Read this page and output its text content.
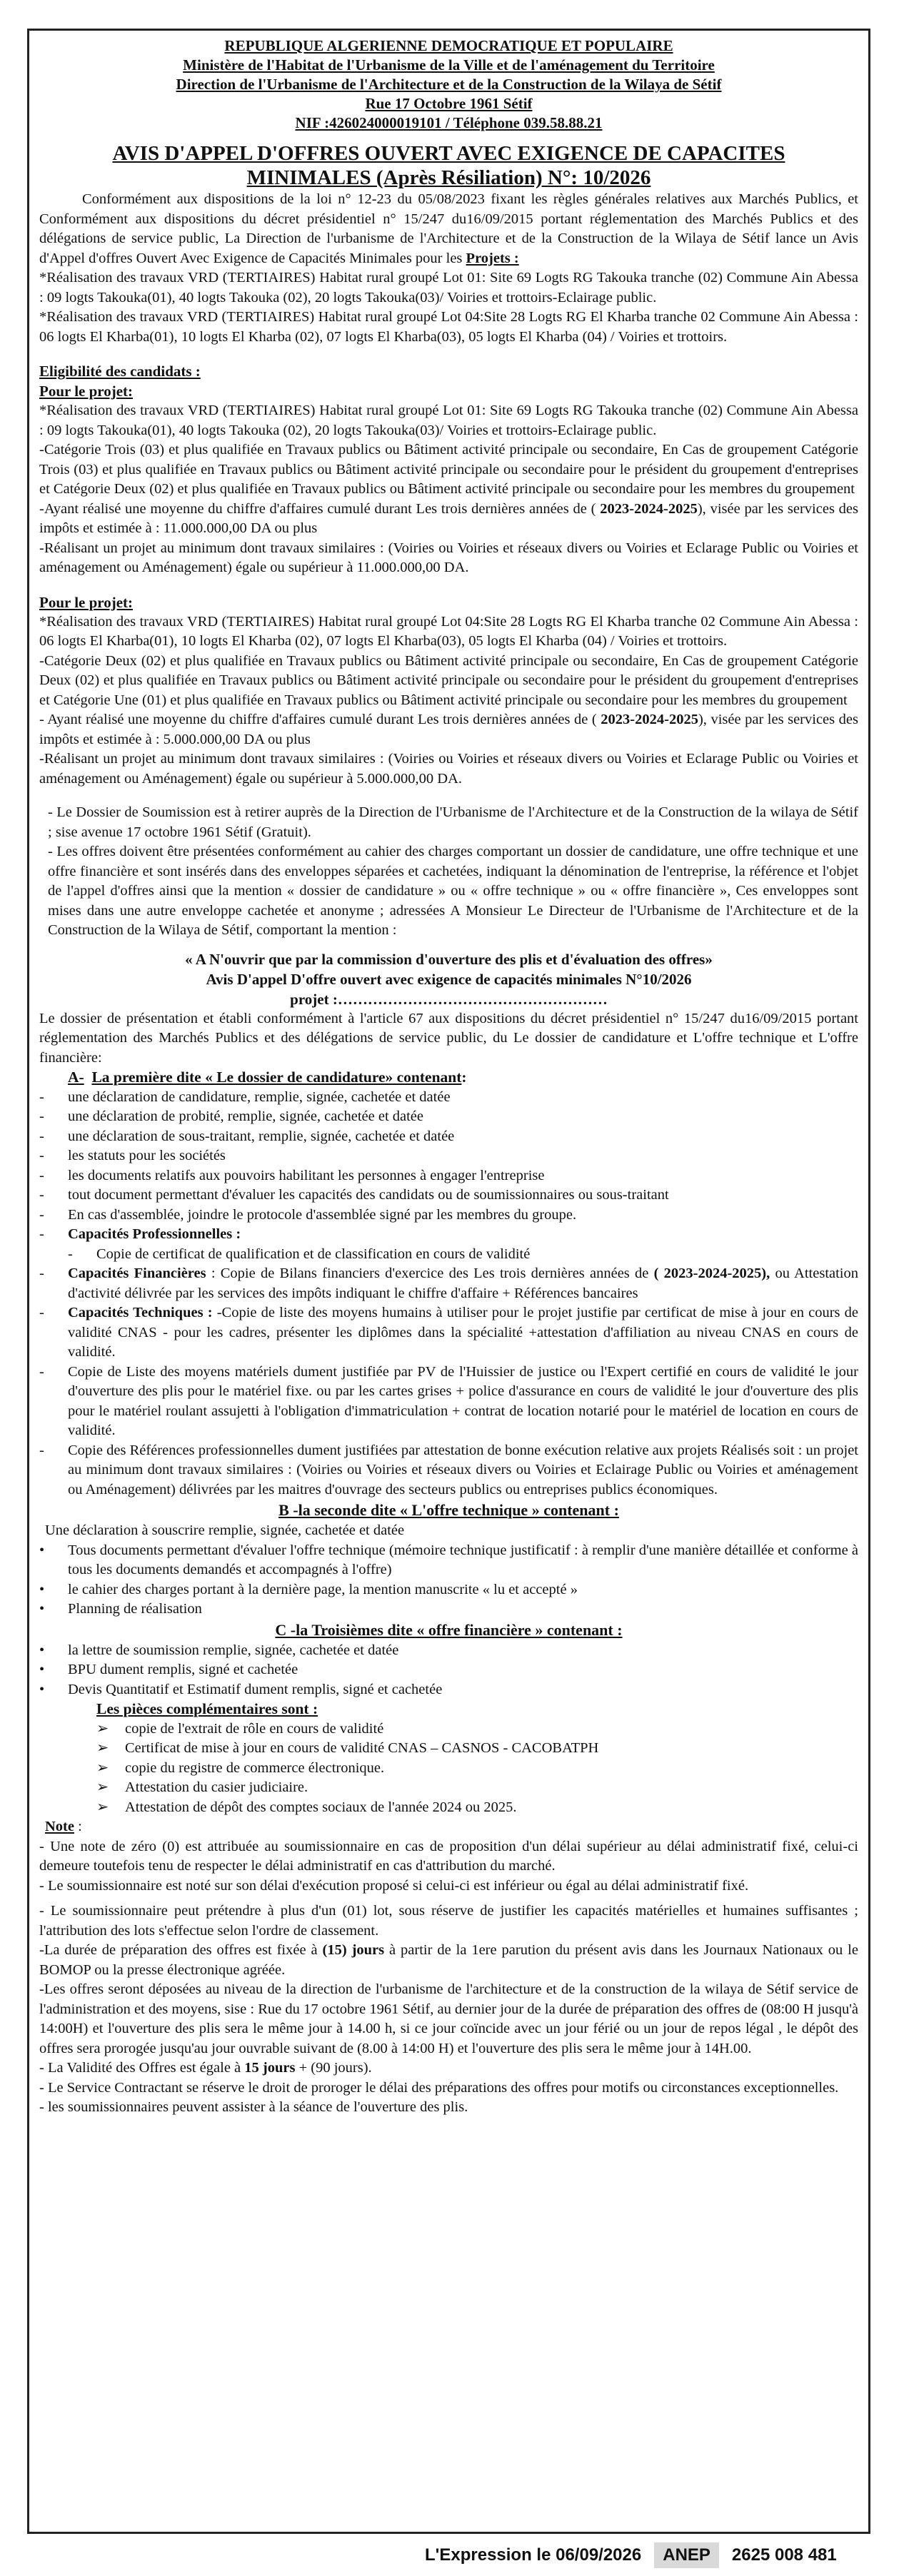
REPUBLIQUE ALGERIENNE DEMOCRATIQUE ET POPULAIRE
Ministère de l'Habitat de l'Urbanisme de la Ville et de l'aménagement du Territoire
Direction de l'Urbanisme de l'Architecture et de la Construction de la Wilaya de Sétif
Rue 17 Octobre 1961 Sétif
NIF :426024000019101 / Téléphone 039.58.88.21
AVIS D'APPEL D'OFFRES OUVERT AVEC EXIGENCE DE CAPACITES
MINIMALES (Après Résiliation) N°: 10/2026

Conformément aux dispositions de la loi n° 12-23 du 05/08/2023 fixant les règles générales relatives aux Marchés Publics, et Conformément aux dispositions du décret présidentiel n° 15/247 du16/09/2015 portant réglementation des Marchés Publics et des délégations de service public, La Direction de l'urbanisme de l'Architecture et de la Construction de la Wilaya de Sétif lance un Avis d'Appel d'offres Ouvert Avec Exigence de Capacités Minimales pour les Projets :

*Réalisation des travaux VRD (TERTIAIRES) Habitat rural groupé Lot 01: Site 69 Logts RG Takouka tranche (02) Commune Ain Abessa : 09 logts Takouka(01), 40 logts Takouka (02), 20 logts Takouka(03)/ Voiries et trottoirs-Eclairage public.

*Réalisation des travaux VRD (TERTIAIRES) Habitat rural groupé Lot 04:Site 28 Logts RG El Kharba tranche 02 Commune Ain Abessa : 06 logts El Kharba(01), 10 logts El Kharba (02), 07 logts El Kharba(03), 05 logts El Kharba (04) / Voiries et trottoirs.

Eligibilité des candidats :

Pour le projet:

*Réalisation des travaux VRD (TERTIAIRES) Habitat rural groupé Lot 01: Site 69 Logts RG Takouka tranche (02) Commune Ain Abessa : 09 logts Takouka(01), 40 logts Takouka (02), 20 logts Takouka(03)/ Voiries et trottoirs-Eclairage public.

-Catégorie Trois (03) et plus qualifiée en Travaux publics ou Bâtiment activité principale ou secondaire, En Cas de groupement Catégorie Trois (03) et plus qualifiée en Travaux publics ou Bâtiment activité principale ou secondaire pour le président du groupement d'entreprises et Catégorie Deux (02) et plus qualifiée en Travaux publics ou Bâtiment activité principale ou secondaire pour les membres du groupement

-Ayant réalisé une moyenne du chiffre d'affaires cumulé durant Les trois dernières années de ( 2023-2024-2025), visée par les services des impôts et estimée à : 11.000.000,00 DA ou plus

-Réalisant un projet au minimum dont travaux similaires : (Voiries ou Voiries et réseaux divers ou Voiries et Eclarage Public ou Voiries et aménagement ou Aménagement) égale ou supérieur à 11.000.000,00 DA.

Pour le projet:

*Réalisation des travaux VRD (TERTIAIRES) Habitat rural groupé Lot 04:Site 28 Logts RG El Kharba tranche 02 Commune Ain Abessa : 06 logts El Kharba(01), 10 logts El Kharba (02), 07 logts El Kharba(03), 05 logts El Kharba (04) / Voiries et trottoirs.

-Catégorie Deux (02) et plus qualifiée en Travaux publics ou Bâtiment activité principale ou secondaire, En Cas de groupement Catégorie Deux (02) et plus qualifiée en Travaux publics ou Bâtiment activité principale ou secondaire pour le président du groupement d'entreprises et Catégorie Une (01) et plus qualifiée en Travaux publics ou Bâtiment activité principale ou secondaire pour les membres du groupement

- Ayant réalisé une moyenne du chiffre d'affaires cumulé durant Les trois dernières années de ( 2023-2024-2025), visée par les services des impôts et estimée à : 5.000.000,00 DA ou plus

-Réalisant un projet au minimum dont travaux similaires : (Voiries ou Voiries et réseaux divers ou Voiries et Eclarage Public ou Voiries et aménagement ou Aménagement) égale ou supérieur à 5.000.000,00 DA.

- Le Dossier de Soumission est à retirer auprès de la Direction de l'Urbanisme de l'Architecture et de la Construction de la wilaya de Sétif ; sise avenue 17 octobre 1961 Sétif (Gratuit).

- Les offres doivent être présentées conformément au cahier des charges comportant un dossier de candidature, une offre technique et une offre financière et sont insérés dans des enveloppes séparées et cachetées, indiquant la dénomination de l'entreprise, la référence et l'objet de l'appel d'offres ainsi que la mention « dossier de candidature » ou « offre technique » ou « offre financière », Ces enveloppes sont mises dans une autre enveloppe cachetée et anonyme ; adressées A Monsieur Le Directeur de l'Urbanisme de l'Architecture et de la Construction de la Wilaya de Sétif, comportant la mention :

« A N'ouvrir que par la commission d'ouverture des plis et d'évaluation des offres»
Avis D'appel D'offre ouvert avec exigence de capacités minimales N°10/2026
projet :………………………………………………

Le dossier de présentation et établi conformément à l'article 67 aux dispositions du décret présidentiel n° 15/247 du16/09/2015 portant réglementation des Marchés Publics et des délégations de service public, du Le dossier de candidature et L'offre technique et L'offre financière:

A- La première dite « Le dossier de candidature» contenant:

- une déclaration de candidature, remplie, signée, cachetée et datée
- une déclaration de probité, remplie, signée, cachetée et datée
- une déclaration de sous-traitant, remplie, signée, cachetée et datée
- les statuts pour les sociétés
- les documents relatifs aux pouvoirs habilitant les personnes à engager l'entreprise
- tout document permettant d'évaluer les capacités des candidats ou de soumissionnaires ou sous-traitant
- En cas d'assemblée, joindre le protocole d'assemblée signé par les membres du groupe.
- Capacités Professionnelles :
- Copie de certificat de qualification et de classification en cours de validité
- Capacités Financières : Copie de Bilans financiers d'exercice des Les trois dernières années de ( 2023-2024-2025), ou Attestation d'activité délivrée par les services des impôts indiquant le chiffre d'affaire + Références bancaires
- Capacités Techniques : -Copie de liste des moyens humains à utiliser pour le projet justifie par certificat de mise à jour en cours de validité CNAS - pour les cadres, présenter les diplômes dans la spécialité +attestation d'affiliation au niveau CNAS en cours de validité.
- Copie de Liste des moyens matériels dument justifiée par PV de l'Huissier de justice ou l'Expert certifié en cours de validité le jour d'ouverture des plis pour le matériel fixe. ou par les cartes grises + police d'assurance en cours de validité le jour d'ouverture des plis pour le matériel roulant assujetti à l'obligation d'immatriculation + contrat de location notarié pour le matériel de location en cours de validité.
- Copie des Références professionnelles dument justifiées par attestation de bonne exécution relative aux projets Réalisés soit : un projet au minimum dont travaux similaires : (Voiries ou Voiries et réseaux divers ou Voiries et Eclairage Public ou Voiries et aménagement ou Aménagement) délivrées par les maitres d'ouvrage des secteurs publics ou entreprises publics économiques.
B -la seconde dite « L'offre technique » contenant :

Une déclaration à souscrire remplie, signée, cachetée et datée

• Tous documents permettant d'évaluer l'offre technique (mémoire technique justificatif : à remplir d'une manière détaillée et conforme à tous les documents demandés et accompagnés à l'offre)
• le cahier des charges portant à la dernière page, la mention manuscrite « lu et accepté »
• Planning de réalisation
C -la Troisièmes dite « offre financière » contenant :
• la lettre de soumission remplie, signée, cachetée et datée
• BPU dument remplis, signé et cachetée
• Devis Quantitatif et Estimatif dument remplis, signé et cachetée

Les pièces complémentaires sont :

➢ copie de l'extrait de rôle en cours de validité
➢ Certificat de mise à jour en cours de validité CNAS – CASNOS - CACOBATPH
➢ copie du registre de commerce électronique.
➢ Attestation du casier judiciaire.
➢ Attestation de dépôt des comptes sociaux de l'année 2024 ou 2025.

Note :

- Une note de zéro (0) est attribuée au soumissionnaire en cas de proposition d'un délai supérieur au délai administratif fixé, celui-ci demeure toutefois tenu de respecter le délai administratif en cas d'attribution du marché.

- Le soumissionnaire est noté sur son délai d'exécution proposé si celui-ci est inférieur ou égal au délai administratif fixé.

- Le soumissionnaire peut prétendre à plus d'un (01) lot, sous réserve de justifier les capacités matérielles et humaines suffisantes ; l'attribution des lots s'effectue selon l'ordre de classement.

-La durée de préparation des offres est fixée à (15) jours à partir de la 1ere parution du présent avis dans les Journaux Nationaux ou le BOMOP ou la presse électronique agréée.

-Les offres seront déposées au niveau de la direction de l'urbanisme de l'architecture et de la construction de la wilaya de Sétif service de l'administration et des moyens, sise : Rue du 17 octobre 1961 Sétif, au dernier jour de la durée de préparation des offres de (08:00 H jusqu'à 14:00H) et l'ouverture des plis sera le même jour à 14.00 h, si ce jour coïncide avec un jour férié ou un jour de repos légal , le dépôt des offres sera prorogée jusqu'au jour ouvrable suivant de (8.00 à 14:00 H) et l'ouverture des plis sera le même jour à 14H.00.

- La Validité des Offres est égale à 15 jours + (90 jours).

- Le Service Contractant se réserve le droit de proroger le délai des préparations des offres pour motifs ou circonstances exceptionnelles.

- les soumissionnaires peuvent assister à la séance de l'ouverture des plis.

L'Expression le 06/09/2026	ANEP	2625 008 481
